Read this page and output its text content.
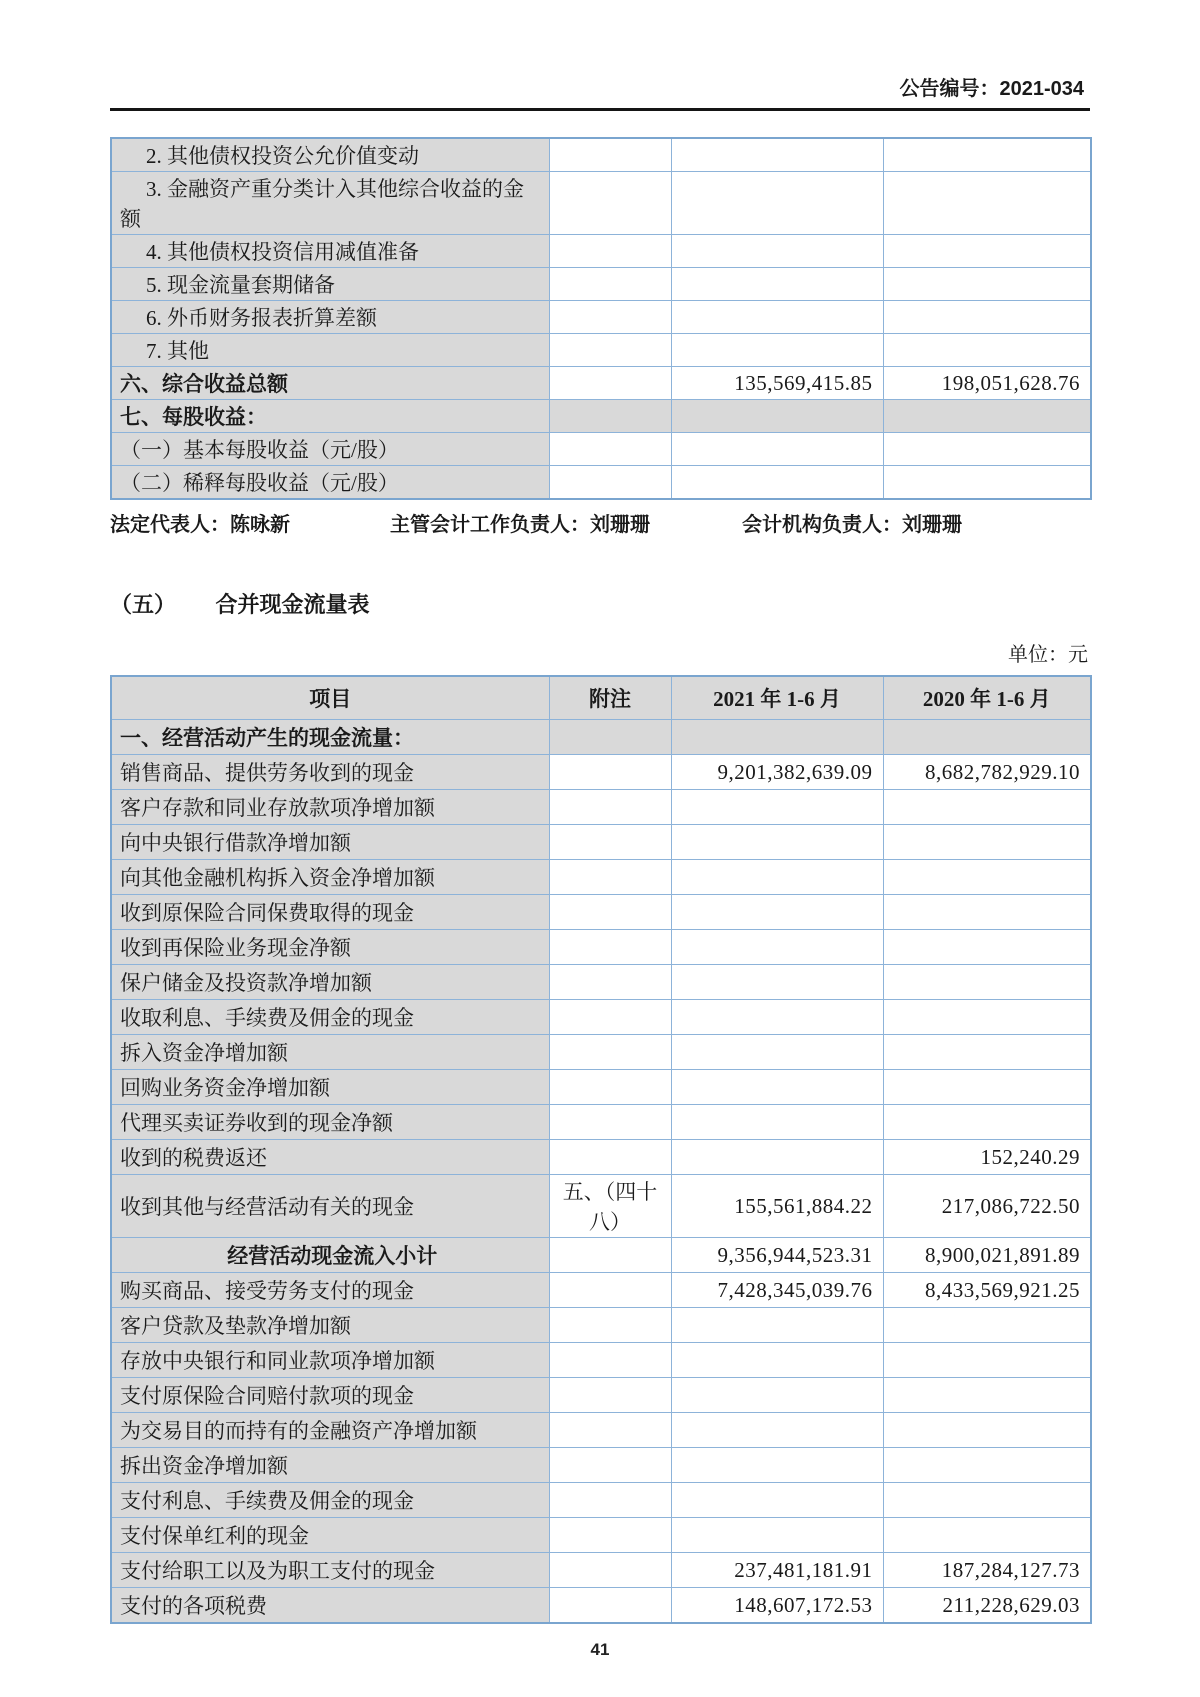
公告编号：2021-034
2. 其他债权投资公允价值变动			
3. 金融资产重分类计入其他综合收益的金额			
4. 其他债权投资信用减值准备			
5. 现金流量套期储备			
6. 外币财务报表折算差额			
7. 其他			
六、综合收益总额		135,569,415.85	198,051,628.76
七、每股收益：			
（一）基本每股收益（元/股）			
（二）稀释每股收益（元/股）			
法定代表人：陈咏新	主管会计工作负责人：刘珊珊	会计机构负责人：刘珊珊
（五） 合并现金流量表
单位：元
项目	附注	2021 年 1-6 月	2020 年 1-6 月
一、经营活动产生的现金流量：			
销售商品、提供劳务收到的现金		9,201,382,639.09	8,682,782,929.10
客户存款和同业存放款项净增加额			
向中央银行借款净增加额			
向其他金融机构拆入资金净增加额			
收到原保险合同保费取得的现金			
收到再保险业务现金净额			
保户储金及投资款净增加额			
收取利息、手续费及佣金的现金			
拆入资金净增加额			
回购业务资金净增加额			
代理买卖证券收到的现金净额			
收到的税费返还			152,240.29
收到其他与经营活动有关的现金	五、（四十八）	155,561,884.22	217,086,722.50
经营活动现金流入小计		9,356,944,523.31	8,900,021,891.89
购买商品、接受劳务支付的现金		7,428,345,039.76	8,433,569,921.25
客户贷款及垫款净增加额			
存放中央银行和同业款项净增加额			
支付原保险合同赔付款项的现金			
为交易目的而持有的金融资产净增加额			
拆出资金净增加额			
支付利息、手续费及佣金的现金			
支付保单红利的现金			
支付给职工以及为职工支付的现金		237,481,181.91	187,284,127.73
支付的各项税费		148,607,172.53	211,228,629.03
41
